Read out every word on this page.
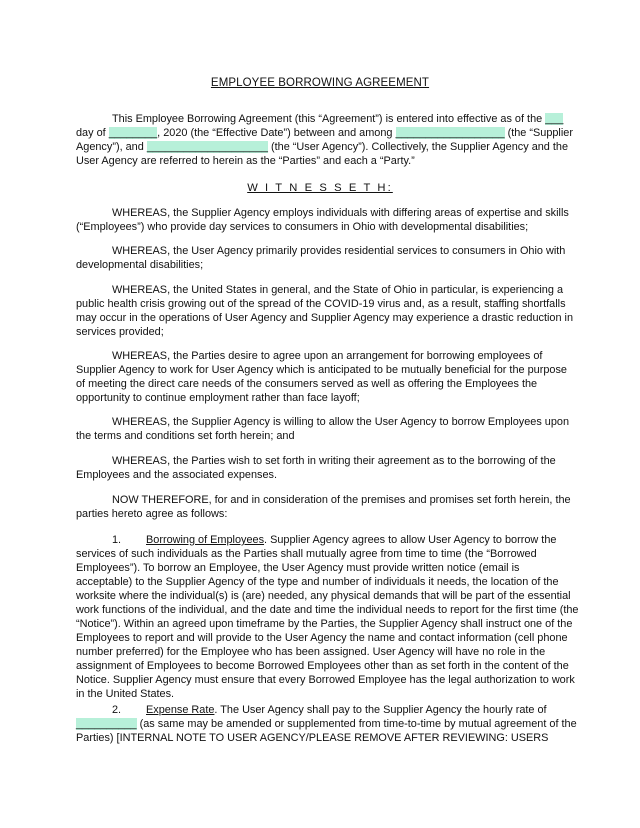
EMPLOYEE BORROWING AGREEMENT
This Employee Borrowing Agreement (this “Agreement”) is entered into effective as of the ___
day of ________, 2020 (the “Effective Date”) between and among __________________ (the “Supplier
Agency”), and ____________________ (the “User Agency”). Collectively, the Supplier Agency and the
User Agency are referred to herein as the “Parties” and each a “Party.”
W I T N E S S E T H:
WHEREAS, the Supplier Agency employs individuals with differing areas of expertise and skills
(“Employees”) who provide day services to consumers in Ohio with developmental disabilities;
WHEREAS, the User Agency primarily provides residential services to consumers in Ohio with
developmental disabilities;
WHEREAS, the United States in general, and the State of Ohio in particular, is experiencing a
public health crisis growing out of the spread of the COVID-19 virus and, as a result, staffing shortfalls
may occur in the operations of User Agency and Supplier Agency may experience a drastic reduction in
services provided;
WHEREAS, the Parties desire to agree upon an arrangement for borrowing employees of
Supplier Agency to work for User Agency which is anticipated to be mutually beneficial for the purpose
of meeting the direct care needs of the consumers served as well as offering the Employees the
opportunity to continue employment rather than face layoff;
WHEREAS, the Supplier Agency is willing to allow the User Agency to borrow Employees upon
the terms and conditions set forth herein; and
WHEREAS, the Parties wish to set forth in writing their agreement as to the borrowing of the
Employees and the associated expenses.
NOW THEREFORE, for and in consideration of the premises and promises set forth herein, the
parties hereto agree as follows:
1. Borrowing of Employees. Supplier Agency agrees to allow User Agency to borrow the
services of such individuals as the Parties shall mutually agree from time to time (the “Borrowed
Employees”). To borrow an Employee, the User Agency must provide written notice (email is
acceptable) to the Supplier Agency of the type and number of individuals it needs, the location of the
worksite where the individual(s) is (are) needed, any physical demands that will be part of the essential
work functions of the individual, and the date and time the individual needs to report for the first time (the
“Notice”). Within an agreed upon timeframe by the Parties, the Supplier Agency shall instruct one of the
Employees to report and will provide to the User Agency the name and contact information (cell phone
number preferred) for the Employee who has been assigned. User Agency will have no role in the
assignment of Employees to become Borrowed Employees other than as set forth in the content of the
Notice. Supplier Agency must ensure that every Borrowed Employee has the legal authorization to work
in the United States.
2. Expense Rate. The User Agency shall pay to the Supplier Agency the hourly rate of
__________ (as same may be amended or supplemented from time-to-time by mutual agreement of the
Parties) [INTERNAL NOTE TO USER AGENCY/PLEASE REMOVE AFTER REVIEWING: USERS
